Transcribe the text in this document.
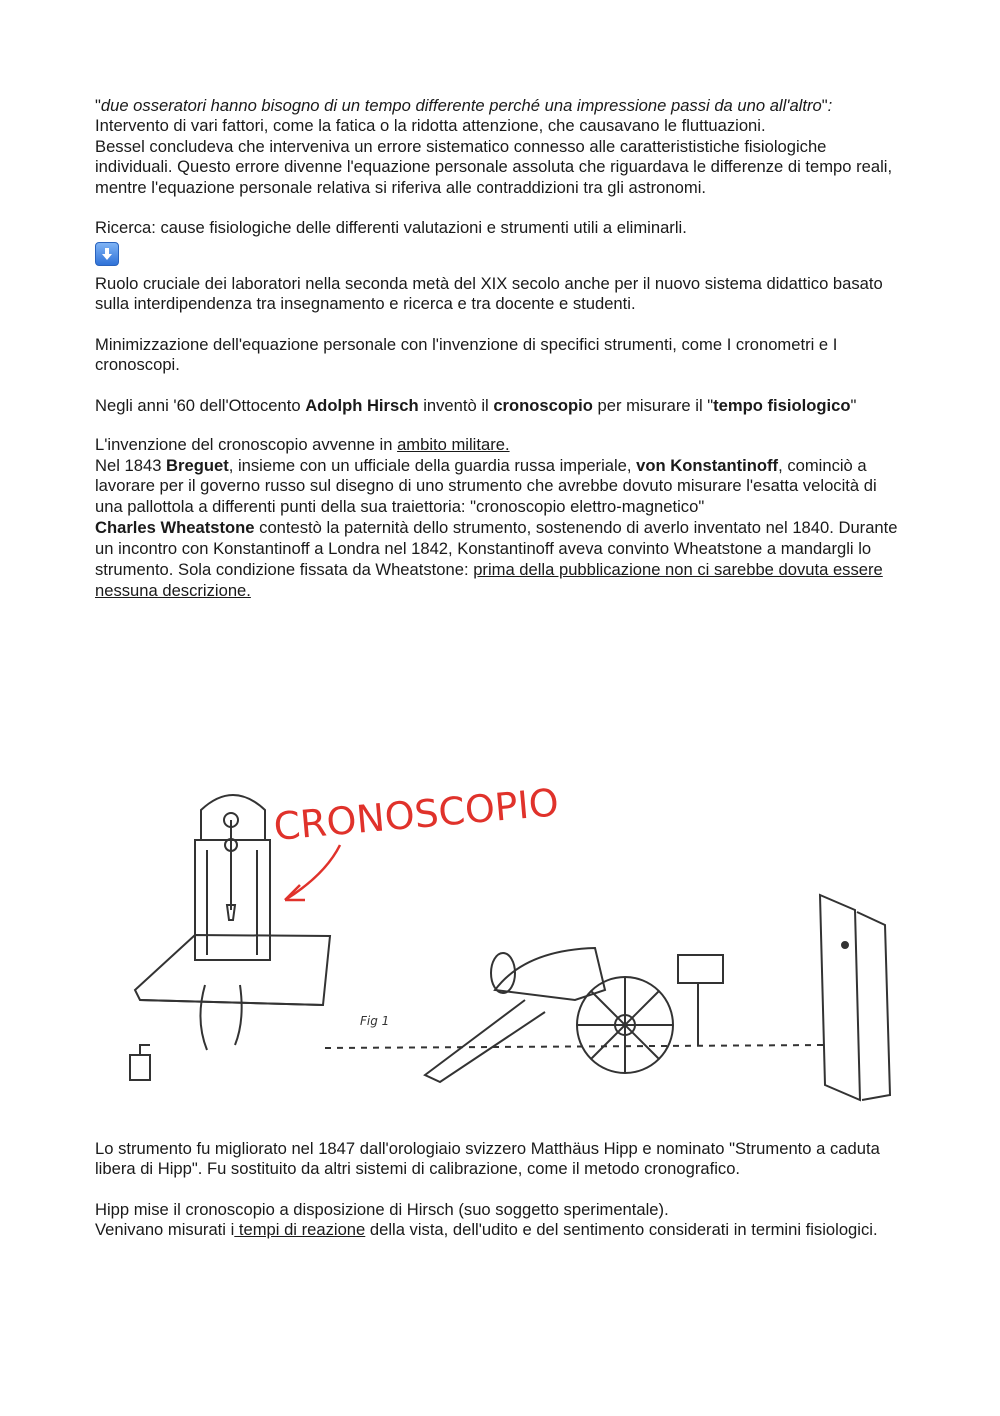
"due osseratori hanno bisogno di un tempo differente perché una impressione passi da uno all'altro": Intervento di vari fattori, come la fatica o la ridotta attenzione, che causavano le fluttuazioni.

Bessel concludeva che interveniva un errore sistematico connesso alle caratterististiche fisiologiche individuali. Questo errore divenne l'equazione personale assoluta che riguardava le differenze di tempo reali, mentre l'equazione personale relativa si riferiva alle contraddizioni tra gli astronomi.

Ricerca: cause fisiologiche delle differenti valutazioni e strumenti utili a eliminarli.

Ruolo cruciale dei laboratori nella seconda metà del XIX secolo anche per il nuovo sistema didattico basato sulla interdipendenza tra insegnamento e ricerca e tra docente e studenti.

Minimizzazione dell'equazione personale con l'invenzione di specifici strumenti, come I cronometri e I cronoscopi.

Negli anni '60 dell'Ottocento Adolph Hirsch inventò il cronoscopio per misurare il "tempo fisiologico"

L'invenzione del cronoscopio avvenne in ambito militare.

Nel 1843 Breguet, insieme con un ufficiale della guardia russa imperiale, von Konstantinoff, cominciò a lavorare per il governo russo sul disegno di uno strumento che avrebbe dovuto misurare l'esatta velocità di una pallottola a differenti punti della sua traiettoria: "cronoscopio elettro-magnetico"

Charles Wheatstone contestò la paternità dello strumento, sostenendo di averlo inventato nel 1840. Durante un incontro con Konstantinoff a Londra nel 1842, Konstantinoff aveva convinto Wheatstone a mandargli lo strumento. Sola condizione fissata da Wheatstone: prima della pubblicazione non ci sarebbe dovuta essere nessuna descrizione.

CRONOSCOPIO
Fig 1

Lo strumento fu migliorato nel 1847 dall'orologiaio svizzero Matthäus Hipp e nominato "Strumento a caduta libera di Hipp". Fu sostituito da altri sistemi di calibrazione, come il metodo cronografico.

Hipp mise il cronoscopio a disposizione di Hirsch (suo soggetto sperimentale).

Venivano misurati i tempi di reazione della vista, dell'udito e del sentimento considerati in termini fisiologici.
